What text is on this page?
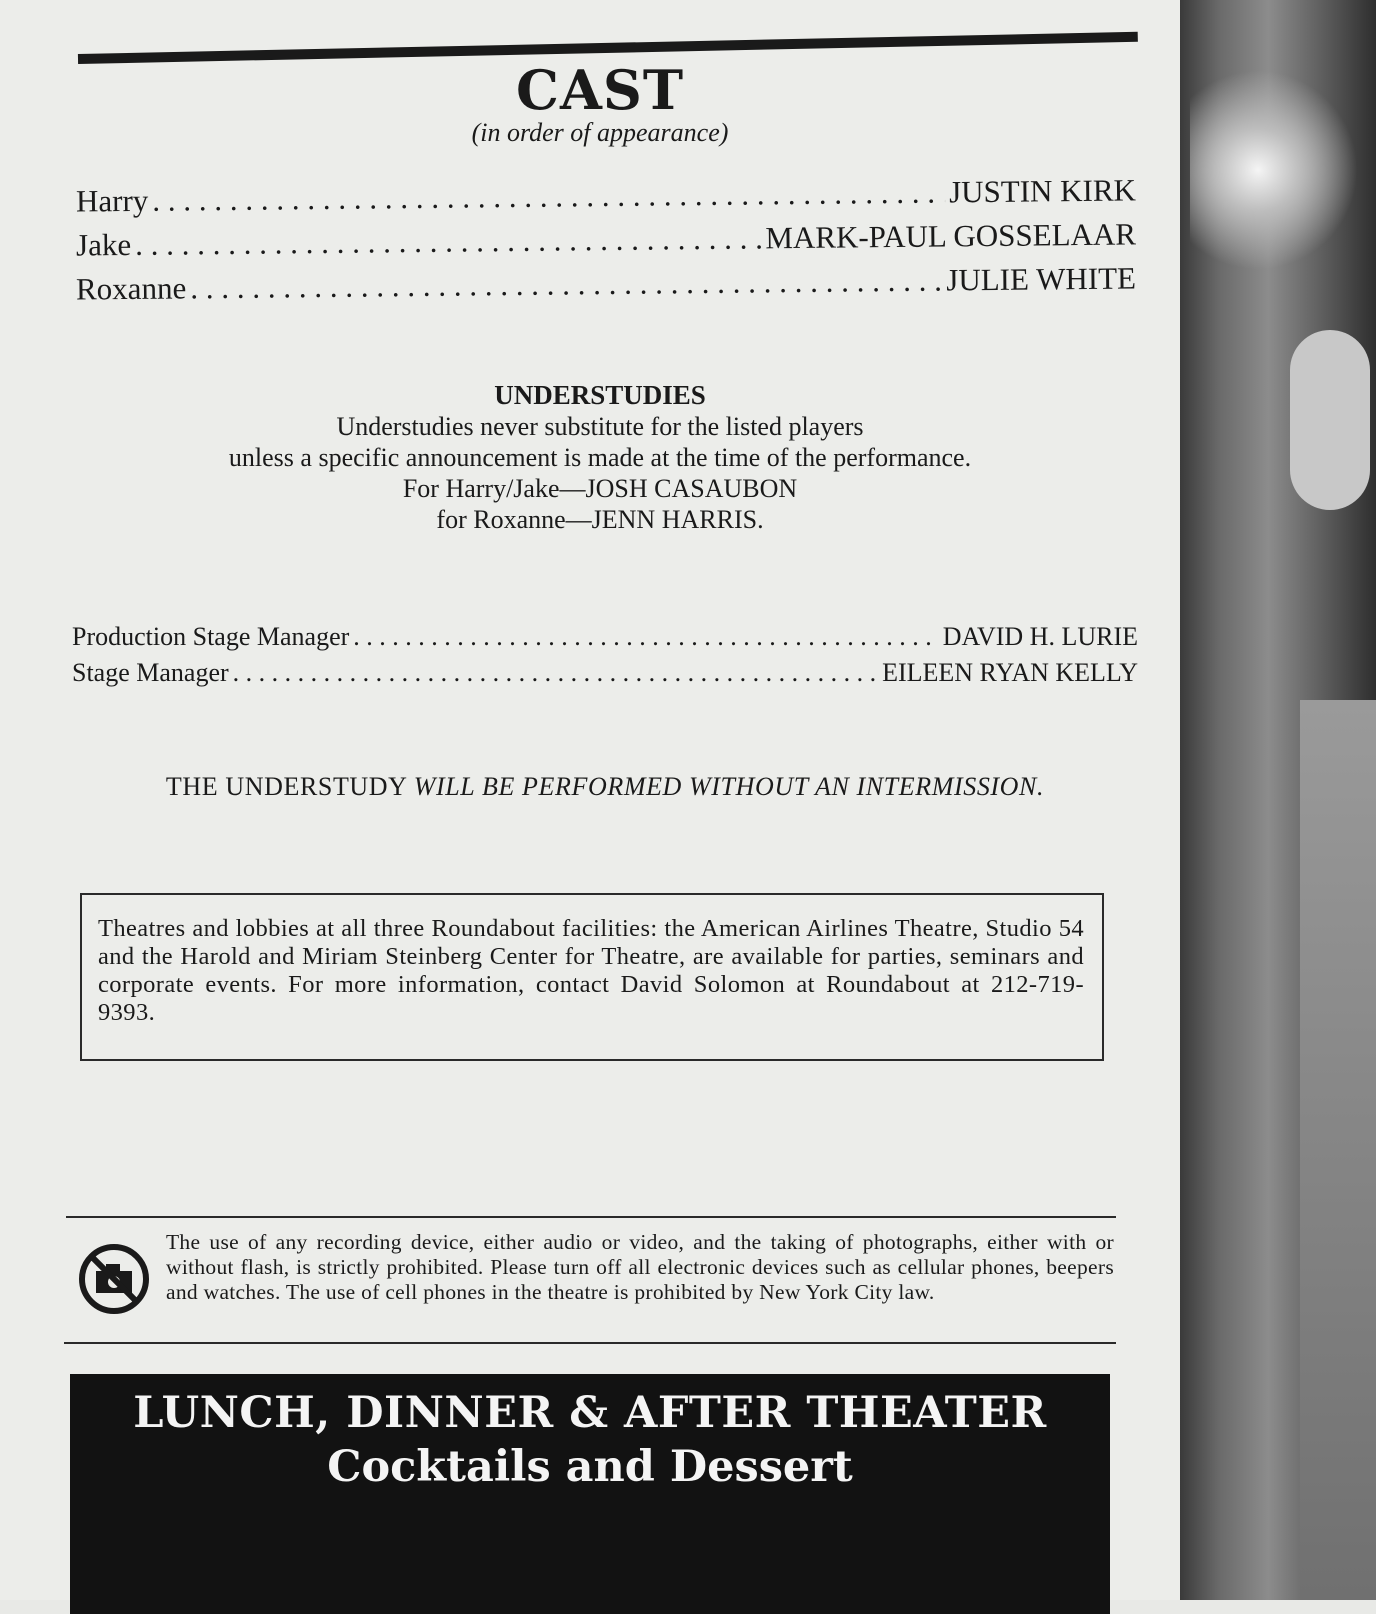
CAST
(in order of appearance)
Harry . . .	JUSTIN KIRK
Jake . . .	MARK-PAUL GOSSELAAR
Roxanne . . .	JULIE WHITE
UNDERSTUDIES
Understudies never substitute for the listed players
unless a specific announcement is made at the time of the performance.
For Harry/Jake—JOSH CASAUBON
for Roxanne—JENN HARRIS.
Production Stage Manager . . .	DAVID H. LURIE
Stage Manager . . .	EILEEN RYAN KELLY
THE UNDERSTUDY WILL BE PERFORMED WITHOUT AN INTERMISSION.
Theatres and lobbies at all three Roundabout facilities: the American Airlines Theatre, Studio 54 and the Harold and Miriam Steinberg Center for Theatre, are available for parties, seminars and corporate events. For more information, contact David Solomon at Roundabout at 212-719-9393.
The use of any recording device, either audio or video, and the taking of photographs, either with or without flash, is strictly prohibited. Please turn off all electronic devices such as cellular phones, beepers and watches. The use of cell phones in the theatre is prohibited by New York City law.
LUNCH, DINNER & AFTER THEATER
Cocktails and Dessert
